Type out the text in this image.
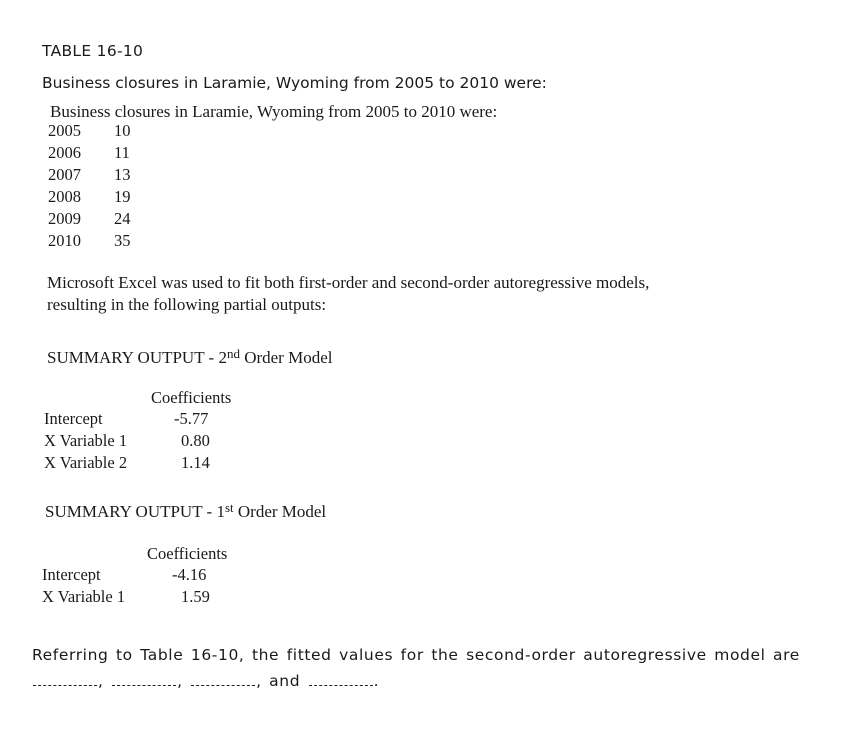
TABLE 16-10
Business closures in Laramie, Wyoming from 2005 to 2010 were:
Business closures in Laramie, Wyoming from 2005 to 2010 were:
2005 10
2006 11
2007 13
2008 19
2009 24
2010 35
Microsoft Excel was used to fit both first-order and second-order autoregressive models,
resulting in the following partial outputs:
SUMMARY OUTPUT - 2nd Order Model
Coefficients
Intercept	-5.77
X Variable 1	0.80
X Variable 2	1.14
SUMMARY OUTPUT - 1st Order Model
Coefficients
Intercept	-4.16
X Variable 1	1.59
Referring to Table 16-10, the fitted values for the second-order autoregressive model are
,	,	, and	.
